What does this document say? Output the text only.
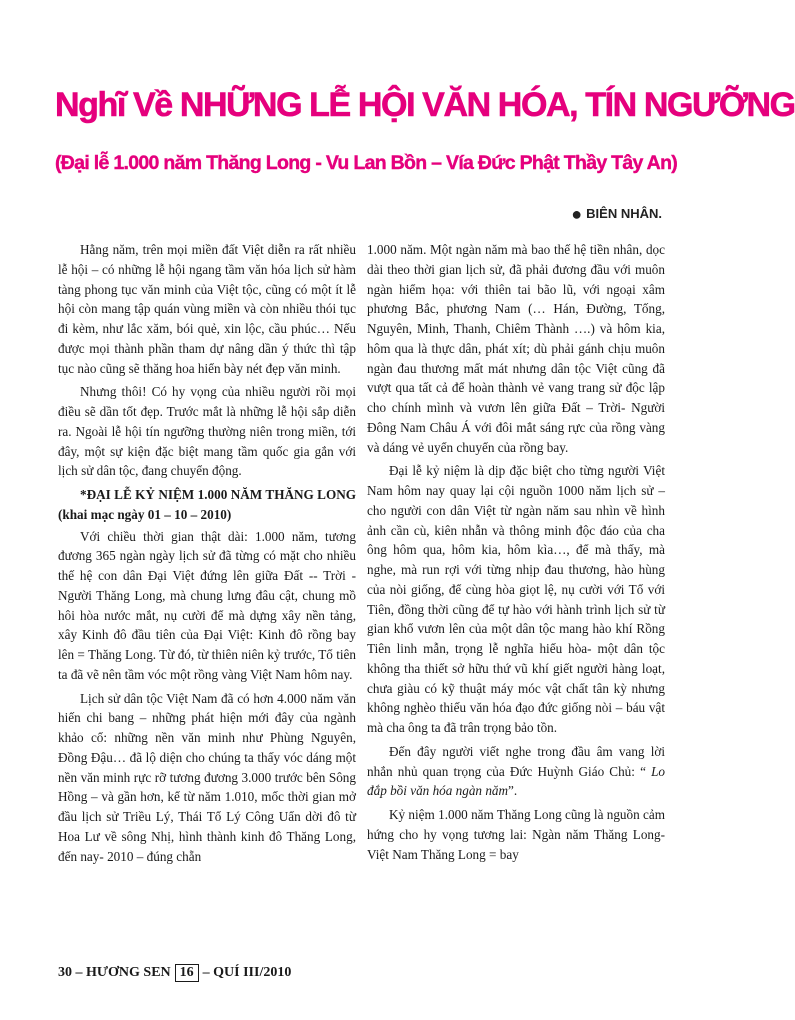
Nghĩ Về NHỮNG LỄ HỘI VĂN HÓA, TÍN NGƯỠNG
(Đại lễ 1.000 năm Thăng Long - Vu Lan Bồn – Vía Đức Phật Thầy Tây An)
● BIÊN NHÂN.

Hằng năm, trên mọi miền đất Việt diễn ra rất nhiều lễ hội – có những lễ hội ngang tầm văn hóa lịch sử hàm tàng phong tục văn minh của Việt tộc, cũng có một ít lễ hội còn mang tập quán vùng miền và còn nhiều thói tục đi kèm, như lắc xăm, bói quẻ, xin lộc, cầu phúc… Nếu được mọi thành phần tham dự nâng dần ý thức thì tập tục nào cũng sẽ thăng hoa hiển bày nét đẹp văn minh.

Nhưng thôi! Có hy vọng của nhiều người rồi mọi điều sẽ dần tốt đẹp. Trước mắt là những lễ hội sắp diễn ra. Ngoài lễ hội tín ngưỡng thường niên trong miền, tới đây, một sự kiện đặc biệt mang tầm quốc gia gắn với lịch sử dân tộc, đang chuyển động.

*ĐẠI LỄ KỶ NIỆM 1.000 NĂM THĂNG LONG (khai mạc ngày 01 – 10 – 2010)

Với chiều thời gian thật dài: 1.000 năm, tương đương 365 ngàn ngày lịch sử đã từng có mặt cho nhiều thế hệ con dân Đại Việt đứng lên giữa Đất -- Trời - Người Thăng Long, mà chung lưng đâu cật, chung mồ hôi hòa nước mắt, nụ cười để mà dựng xây nền tảng, xây Kinh đô đầu tiên của Đại Việt: Kinh đô rồng bay lên = Thăng Long. Từ đó, từ thiên niên kỷ trước, Tổ tiên ta đã vẽ nên tầm vóc một rồng vàng Việt Nam hôm nay.

Lịch sử dân tộc Việt Nam đã có hơn 4.000 năm văn hiến chi bang – những phát hiện mới đây của ngành khảo cổ: những nền văn minh như Phùng Nguyên, Đồng Đậu… đã lộ diện cho chúng ta thấy vóc dáng một nền văn minh rực rỡ tương đương 3.000 trước bên Sông Hồng – và gần hơn, kể từ năm 1.010, mốc thời gian mở đầu lịch sử Triều Lý, Thái Tổ Lý Công Uẩn dời đô từ Hoa Lư về sông Nhị, hình thành kinh đô Thăng Long, đến nay- 2010 – đúng chẵn

1.000 năm. Một ngàn năm mà bao thế hệ tiền nhân, dọc dài theo thời gian lịch sử, đã phải đương đầu với muôn ngàn hiểm họa: với thiên tai bão lũ, với ngoại xâm phương Bắc, phương Nam (… Hán, Đường, Tống, Nguyên, Minh, Thanh, Chiêm Thành ….) và hôm kia, hôm qua là thực dân, phát xít; dù phải gánh chịu muôn ngàn đau thương mất mát nhưng dân tộc Việt cũng đã vượt qua tất cả để hoàn thành vẻ vang trang sử độc lập cho chính mình và vươn lên giữa Đất – Trời- Người Đông Nam Châu Á với đôi mắt sáng rực của rồng vàng và dáng vẻ uyển chuyển của rồng bay.

Đại lễ kỷ niệm là dịp đặc biệt cho từng người Việt Nam hôm nay quay lại cội nguồn 1000 năm lịch sử – cho người con dân Việt từ ngàn năm sau nhìn về hình ảnh cần cù, kiên nhẫn và thông minh độc đáo của cha ông hôm qua, hôm kia, hôm kìa…, để mà thấy, mà nghe, mà run rợi với từng nhịp đau thương, hào hùng của nòi giống, để cùng hòa giọt lệ, nụ cười với Tổ với Tiên, đồng thời cũng để tự hào với hành trình lịch sử từ gian khổ vươn lên của một dân tộc mang hào khí Rồng Tiên linh mẫn, trọng lễ nghĩa hiếu hòa- một dân tộc không tha thiết sở hữu thứ vũ khí giết người hàng loạt, chưa giàu có kỹ thuật máy móc vật chất tân kỳ nhưng không nghèo thiếu văn hóa đạo đức giống nòi – báu vật mà cha ông ta đã trân trọng bảo tồn.

Đến đây người viết nghe trong đầu âm vang lời nhắn nhủ quan trọng của Đức Huỳnh Giáo Chủ: “ Lo đắp bồi văn hóa ngàn năm”.

Kỷ niệm 1.000 năm Thăng Long cũng là nguồn cảm hứng cho hy vọng tương lai: Ngàn năm Thăng Long- Việt Nam Thăng Long = bay

30 – HƯƠNG SEN 16 – QUÍ III/2010
